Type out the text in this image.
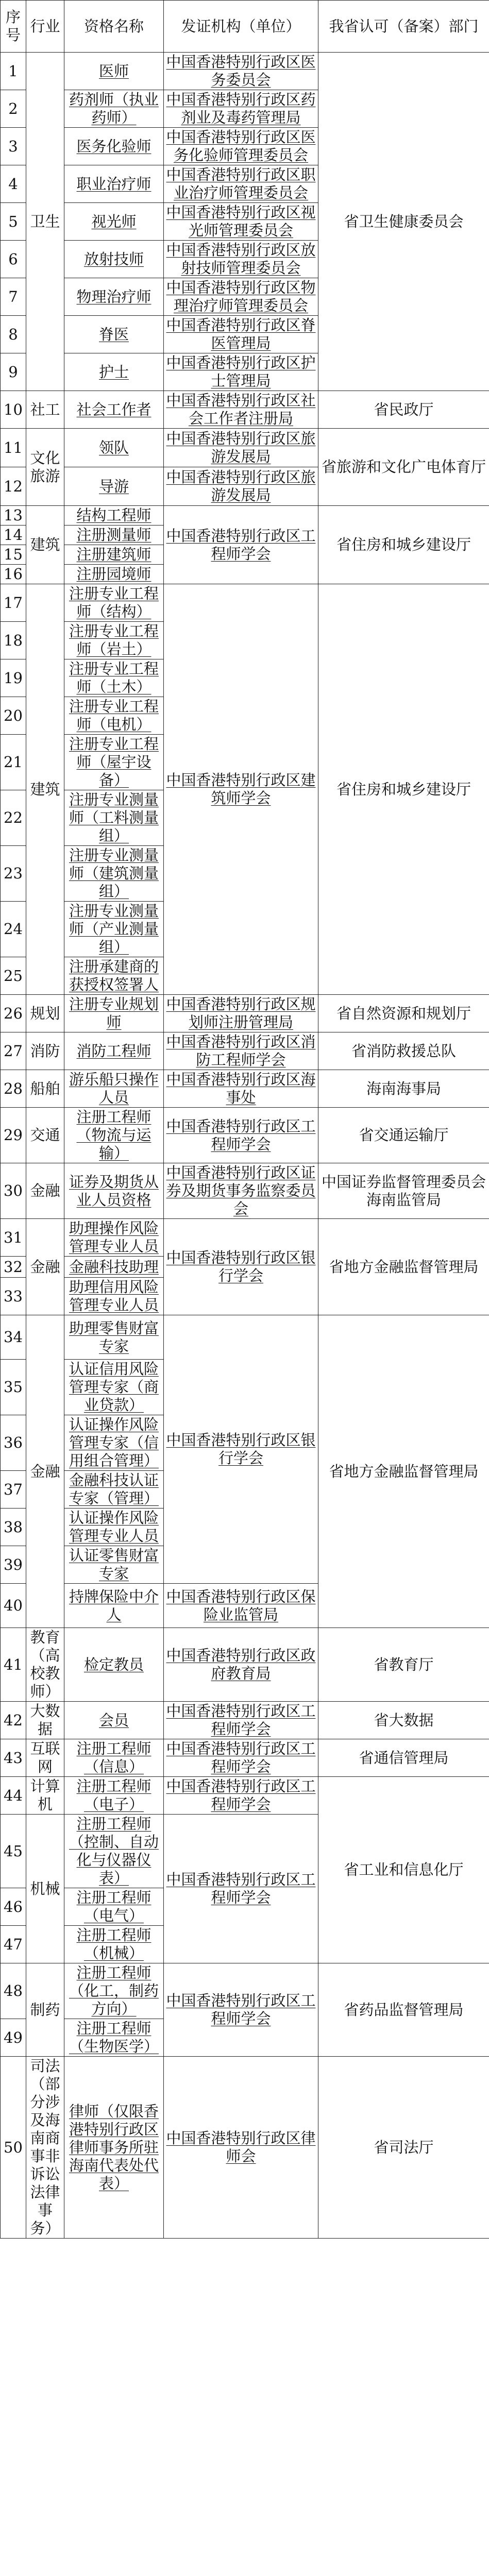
序号	行业	资格名称	发证机构（单位）	我省认可（备案）部门
1	卫生	医师	中国香港特别行政区医务委员会	省卫生健康委员会
2		药剂师（执业药师）	中国香港特别行政区药剂业及毒药管理局	
3		医务化验师	中国香港特别行政区医务化验师管理委员会	
4		职业治疗师	中国香港特别行政区职业治疗师管理委员会	
5		视光师	中国香港特别行政区视光师管理委员会	
6		放射技师	中国香港特别行政区放射技师管理委员会	
7		物理治疗师	中国香港特别行政区物理治疗师管理委员会	
8		脊医	中国香港特别行政区脊医管理局	
9		护士	中国香港特别行政区护士管理局	
10	社工	社会工作者	中国香港特别行政区社会工作者注册局	省民政厅
11	文化旅游	领队	中国香港特别行政区旅游发展局	省旅游和文化广电体育厅
12		导游	中国香港特别行政区旅游发展局	
13	建筑	结构工程师	中国香港特别行政区工程师学会	省住房和城乡建设厅
14		注册测量师		
15		注册建筑师		
16		注册园境师		
17	建筑	注册专业工程师（结构）	中国香港特别行政区建筑师学会	省住房和城乡建设厅
18		注册专业工程师（岩土）		
19		注册专业工程师（土木）		
20		注册专业工程师（电机）		
21		注册专业工程师（屋宇设备）		
22		注册专业测量师（工料测量组）		
23		注册专业测量师（建筑测量组）		
24		注册专业测量师（产业测量组）		
25		注册承建商的获授权签署人		
26	规划	注册专业规划师	中国香港特别行政区规划师注册管理局	省自然资源和规划厅
27	消防	消防工程师	中国香港特别行政区消防工程师学会	省消防救援总队
28	船舶	游乐船只操作人员	中国香港特别行政区海事处	海南海事局
29	交通	注册工程师（物流与运输）	中国香港特别行政区工程师学会	省交通运输厅
30	金融	证券及期货从业人员资格	中国香港特别行政区证券及期货事务监察委员会	中国证券监督管理委员会海南监管局
31	金融	助理操作风险管理专业人员	中国香港特别行政区银行学会	省地方金融监督管理局
32		金融科技助理		
33		助理信用风险管理专业人员		
34	金融	助理零售财富专家	中国香港特别行政区银行学会	省地方金融监督管理局
35		认证信用风险管理专家（商业贷款）		
36		认证操作风险管理专家（信用组合管理）		
37		金融科技认证专家（管理）		
38		认证操作风险管理专业人员		
39		认证零售财富专家		
40		持牌保险中介人	中国香港特别行政区保险业监管局	
41	教育（高校教师）	检定教员	中国香港特别行政区政府教育局	省教育厅
42	大数据	会员	中国香港特别行政区工程师学会	省大数据
43	互联网	注册工程师（信息）	中国香港特别行政区工程师学会	省通信管理局
44	计算机	注册工程师（电子）	中国香港特别行政区工程师学会	省工业和信息化厅
45	机械	注册工程师（控制、自动化与仪器仪表）	中国香港特别行政区工程师学会	
46		注册工程师（电气）		
47		注册工程师（机械）		
48	制药	注册工程师（化工，制药方向）	中国香港特别行政区工程师学会	省药品监督管理局
49		注册工程师（生物医学）		
50	司法（部分涉及海南商事非诉讼法律事务）	律师（仅限香港特别行政区律师事务所驻海南代表处代表）	中国香港特别行政区律师会	省司法厅
